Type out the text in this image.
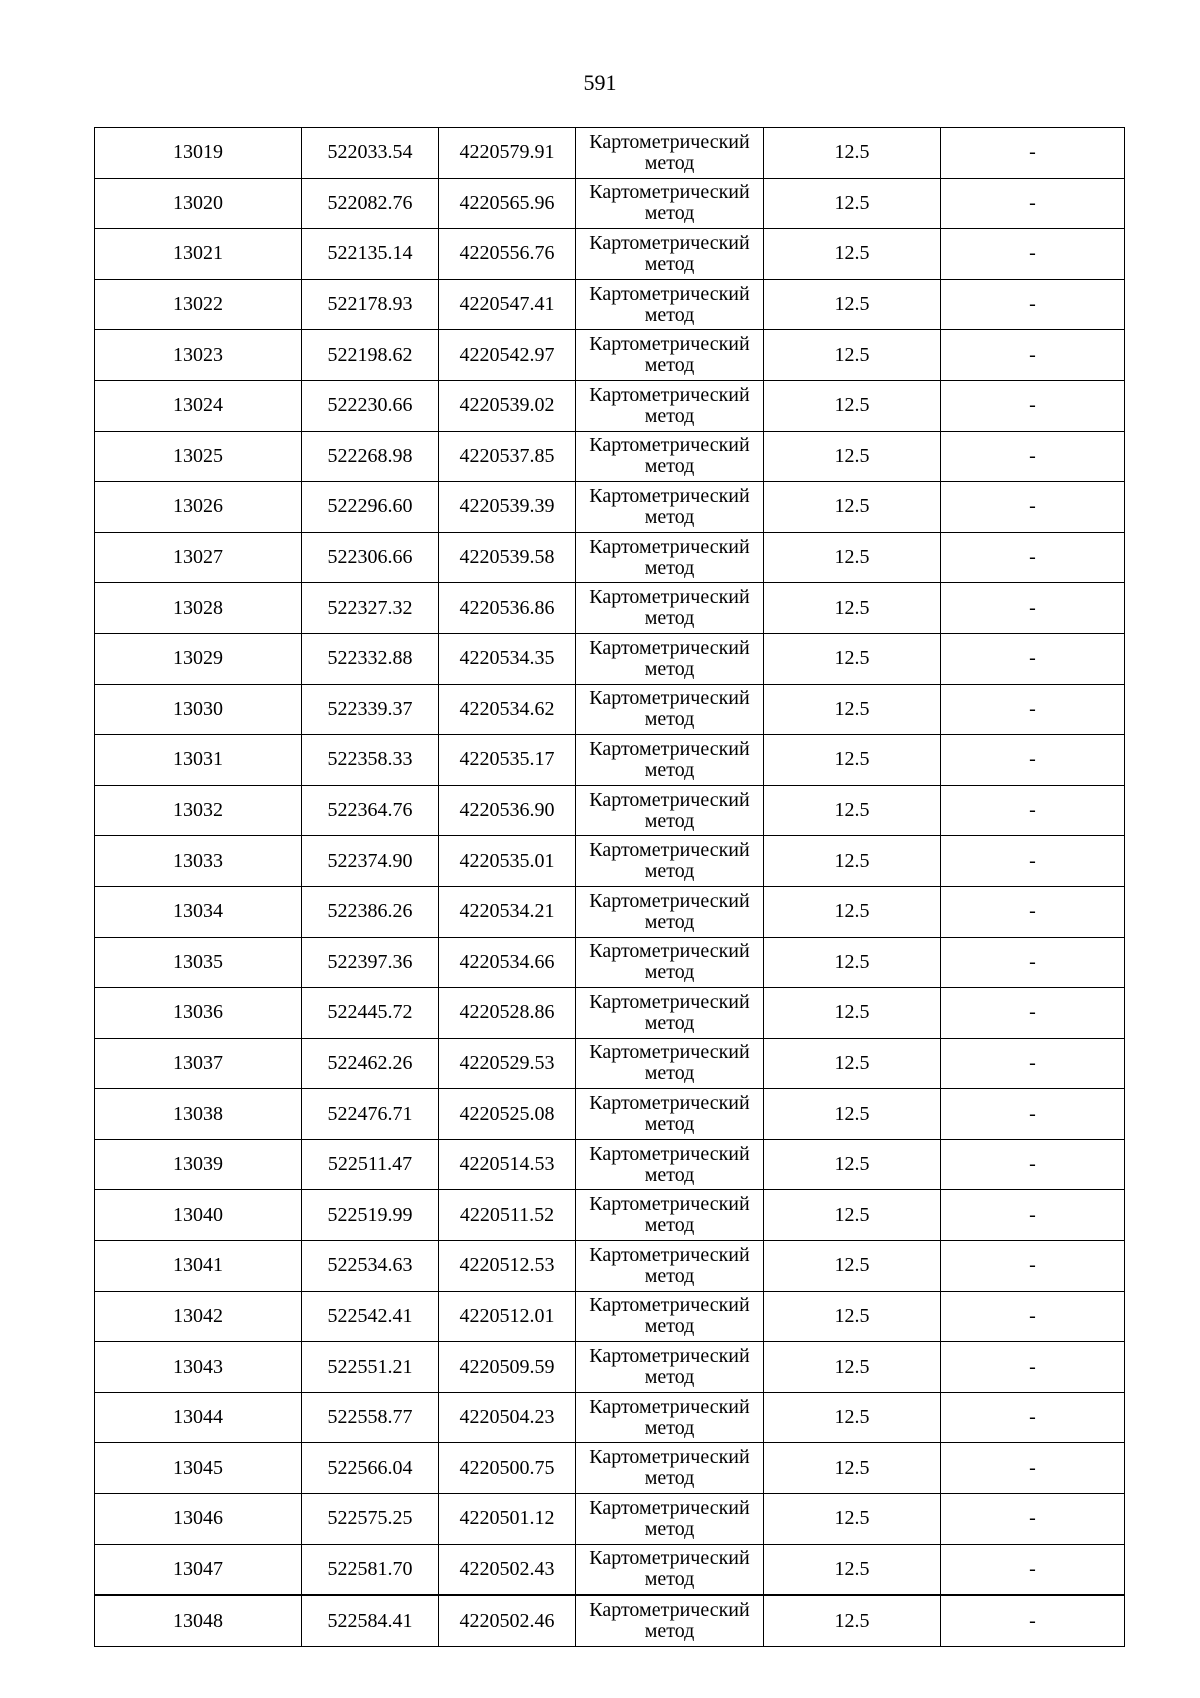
591
13019	522033.54	4220579.91	Картометрический метод	12.5	-
13020	522082.76	4220565.96	Картометрический метод	12.5	-
13021	522135.14	4220556.76	Картометрический метод	12.5	-
13022	522178.93	4220547.41	Картометрический метод	12.5	-
13023	522198.62	4220542.97	Картометрический метод	12.5	-
13024	522230.66	4220539.02	Картометрический метод	12.5	-
13025	522268.98	4220537.85	Картометрический метод	12.5	-
13026	522296.60	4220539.39	Картометрический метод	12.5	-
13027	522306.66	4220539.58	Картометрический метод	12.5	-
13028	522327.32	4220536.86	Картометрический метод	12.5	-
13029	522332.88	4220534.35	Картометрический метод	12.5	-
13030	522339.37	4220534.62	Картометрический метод	12.5	-
13031	522358.33	4220535.17	Картометрический метод	12.5	-
13032	522364.76	4220536.90	Картометрический метод	12.5	-
13033	522374.90	4220535.01	Картометрический метод	12.5	-
13034	522386.26	4220534.21	Картометрический метод	12.5	-
13035	522397.36	4220534.66	Картометрический метод	12.5	-
13036	522445.72	4220528.86	Картометрический метод	12.5	-
13037	522462.26	4220529.53	Картометрический метод	12.5	-
13038	522476.71	4220525.08	Картометрический метод	12.5	-
13039	522511.47	4220514.53	Картометрический метод	12.5	-
13040	522519.99	4220511.52	Картометрический метод	12.5	-
13041	522534.63	4220512.53	Картометрический метод	12.5	-
13042	522542.41	4220512.01	Картометрический метод	12.5	-
13043	522551.21	4220509.59	Картометрический метод	12.5	-
13044	522558.77	4220504.23	Картометрический метод	12.5	-
13045	522566.04	4220500.75	Картометрический метод	12.5	-
13046	522575.25	4220501.12	Картометрический метод	12.5	-
13047	522581.70	4220502.43	Картометрический метод	12.5	-
13048	522584.41	4220502.46	Картометрический метод	12.5	-
